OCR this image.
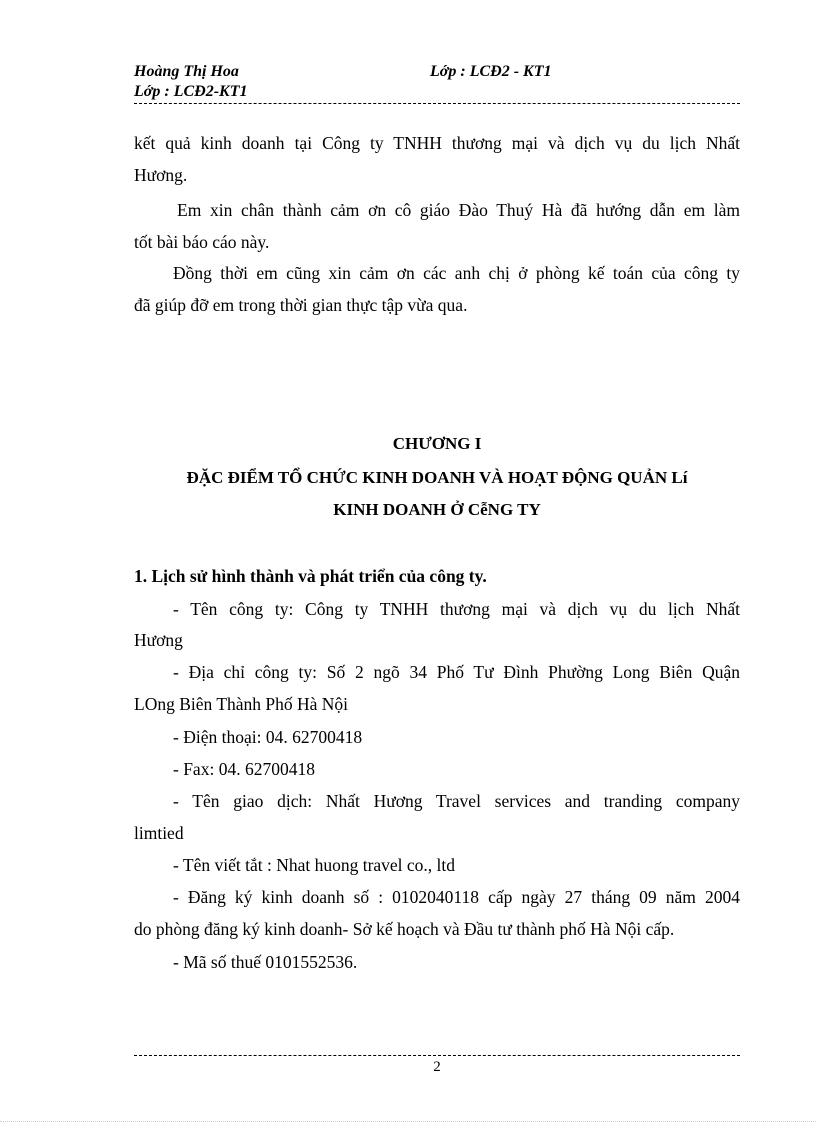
Hoàng Thị Hoa	Lớp : LCĐ2 - KT1
Lớp : LCĐ2-KT1
kết quả kinh doanh tại Công ty TNHH thương mại và dịch vụ du lịch Nhất
Hương.
Em xin chân thành cảm ơn cô giáo Đào Thuý Hà đã hướng dẫn em làm
tốt bài báo cáo này.
Đồng thời em cũng xin cảm ơn các anh chị ở phòng kế toán của công ty
đã giúp đỡ em trong thời gian thực tập vừa qua.
CHƯƠNG I
ĐẶC ĐIỂM TỔ CHỨC KINH DOANH VÀ HOẠT ĐỘNG QUẢN Lí
KINH DOANH Ở CễNG TY
1. Lịch sử hình thành và phát triển của công ty.
- Tên công ty: Công ty TNHH thương mại và dịch vụ du lịch Nhất
Hương
- Địa chỉ công ty: Số 2 ngõ 34 Phố Tư Đình Phường Long Biên Quận
LOng Biên Thành Phố Hà Nội
- Điện thoại: 04. 62700418
- Fax: 04. 62700418
- Tên giao dịch: Nhất Hương Travel services and tranding company
limtied
- Tên viết tắt : Nhat huong travel co., ltd
- Đăng ký kinh doanh số : 0102040118 cấp ngày 27 tháng 09 năm 2004
do phòng đăng ký kinh doanh- Sở kế hoạch và Đầu tư thành phố Hà Nội cấp.
- Mã số thuế 0101552536.
2
